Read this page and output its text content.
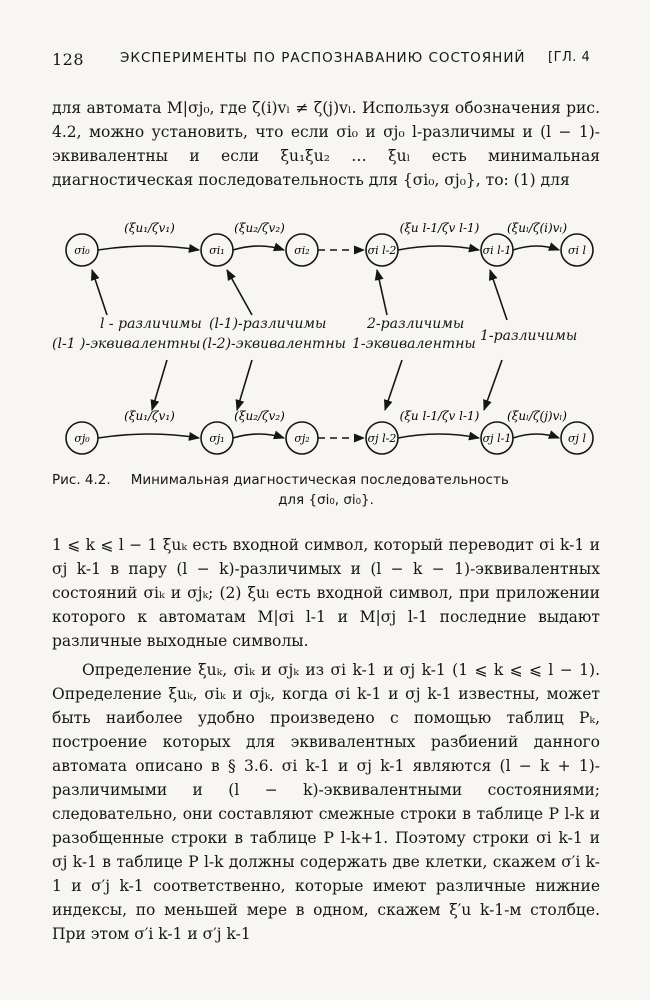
128	ЭКСПЕРИМЕНТЫ ПО РАСПОЗНАВАНИЮ СОСТОЯНИЙ [ГЛ. 4

для автомата M|σj₀, где ζ(i)vₗ ≠ ζ(j)vₗ. Используя обозначения рис. 4.2, можно установить, что если σi₀ и σj₀ l-различимы и (l − 1)-эквивалентны и если ξu₁ξu₂ … ξuₗ есть минимальная диагностическая последовательность для {σi₀, σj₀}, то: (1) для

(ξu₁/ζv₁)	(ξu₂/ζv₂)	(ξu l-1/ζv l-1) (ξuₗ/ζ(i)vₗ)
σi₀	σi₁	σi₂	σi l-2	σi l-1	σi l
(ξu₁/ζv₁)	(ξu₂/ζv₂)	(ξu l-1/ζv l-1) (ξuₗ/ζ(j)vₗ)
σj₀	σj₁	σj₂	σj l-2	σj l-1	σj l
l - различимы
(l-1 )-эквивалентны
(l-1)-различимы
(l-2)-эквивалентны
2-различимы
1-эквивалентны 1-различимы
Рис. 4.2. Минимальная диагностическая последовательность
для {σi₀, σi₀}.

1 ⩽ k ⩽ l − 1 ξuₖ есть входной символ, который переводит σi k-1 и σj k-1 в пару (l − k)-различимых и (l − k − 1)-эквивалентных состояний σiₖ и σjₖ; (2) ξuₗ есть входной символ, при приложении которого к автоматам M|σi l-1 и M|σj l-1 последние выдают различные выходные символы.

Определение ξuₖ, σiₖ и σjₖ из σi k-1 и σj k-1 (1 ⩽ k ⩽ ⩽ l − 1). Определение ξuₖ, σiₖ и σjₖ, когда σi k-1 и σj k-1 известны, может быть наиболее удобно произведено с помощью таблиц Pₖ, построение которых для эквивалентных разбиений данного автомата описано в § 3.6. σi k-1 и σj k-1 являются (l − k + 1)-различимыми и (l − k)-эквивалентными состояниями; следовательно, они составляют смежные строки в таблице P l-k и разобщенные строки в таблице P l-k+1. Поэтому строки σi k-1 и σj k-1 в таблице P l-k должны содержать две клетки, скажем σ′i k-1 и σ′j k-1 соответственно, которые имеют различные нижние индексы, по меньшей мере в одном, скажем ξ′u k-1-м столбце. При этом σ′i k-1 и σ′j k-1
